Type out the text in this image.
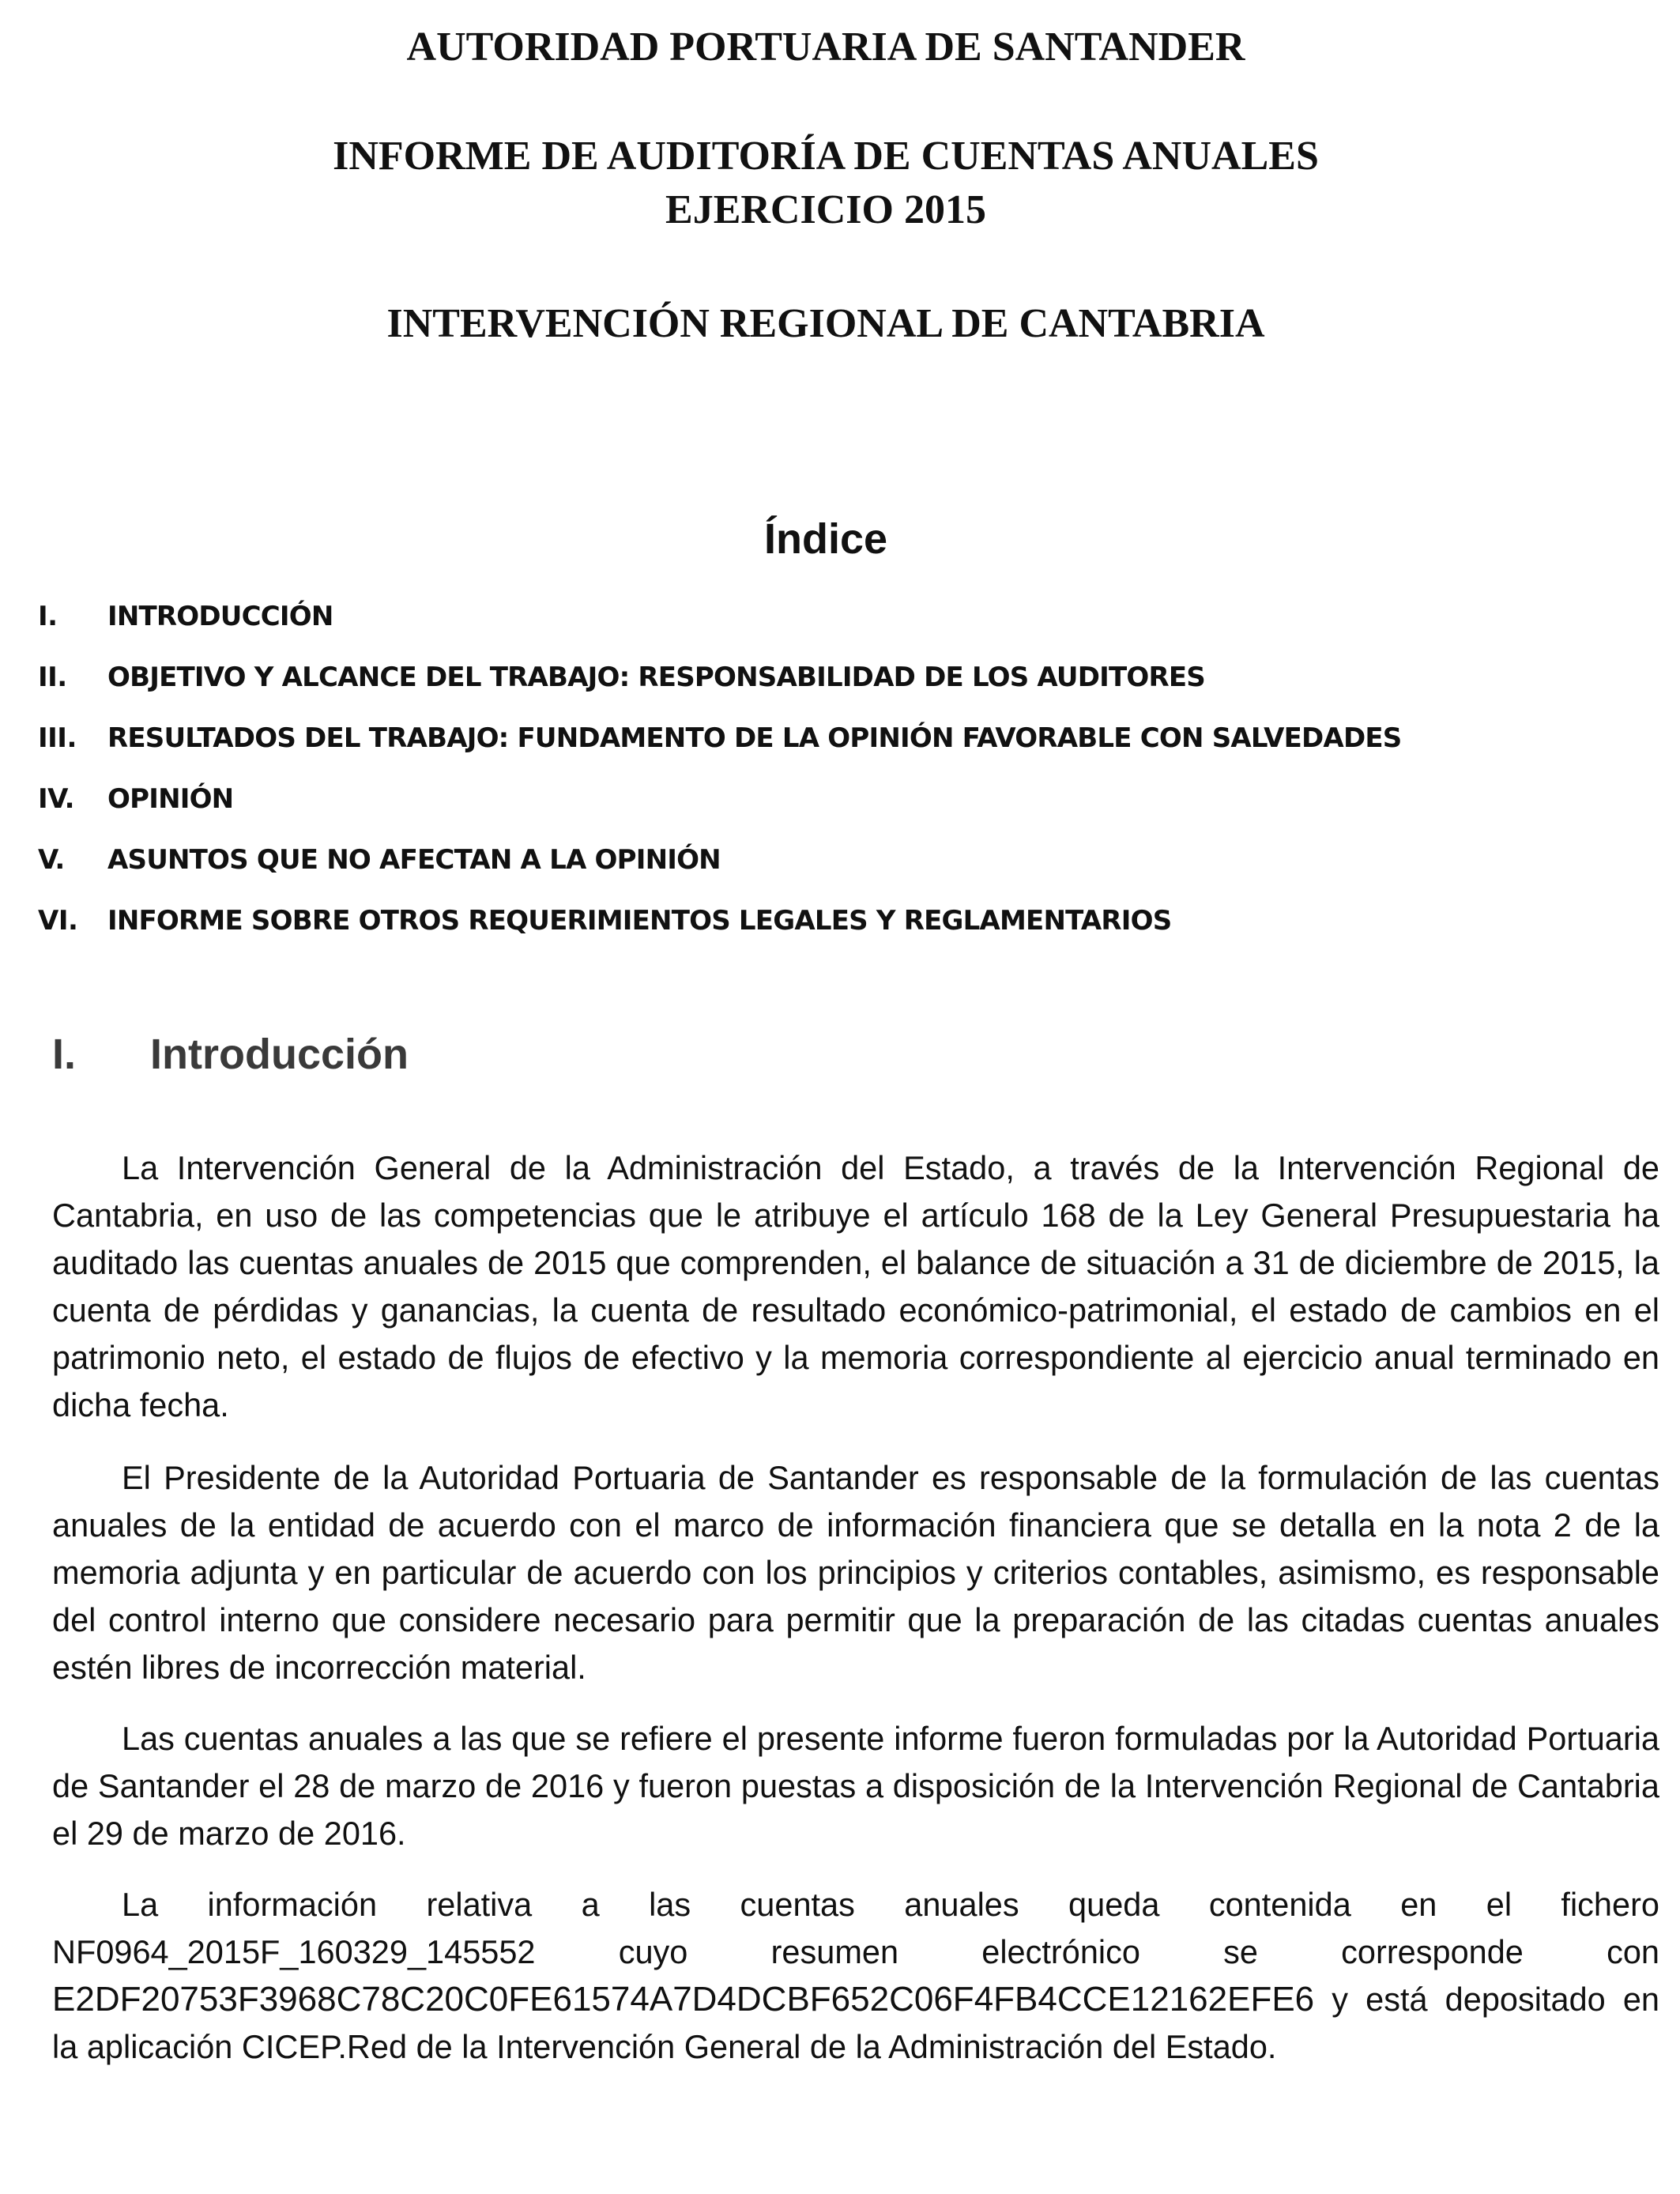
AUTORIDAD PORTUARIA DE SANTANDER
INFORME DE AUDITORÍA DE CUENTAS ANUALES
EJERCICIO 2015
INTERVENCIÓN REGIONAL DE CANTABRIA
Índice
I.	INTRODUCCIÓN
II.	OBJETIVO Y ALCANCE DEL TRABAJO: RESPONSABILIDAD DE LOS AUDITORES
III.	RESULTADOS DEL TRABAJO: FUNDAMENTO DE LA OPINIÓN FAVORABLE CON SALVEDADES
IV.	OPINIÓN
V.	ASUNTOS QUE NO AFECTAN A LA OPINIÓN
VI.	INFORME SOBRE OTROS REQUERIMIENTOS LEGALES Y REGLAMENTARIOS
I.	Introducción

La Intervención General de la Administración del Estado, a través de la Intervención Regional de Cantabria, en uso de las competencias que le atribuye el artículo 168 de la Ley General Presupuestaria ha auditado las cuentas anuales de 2015 que comprenden, el balance de situación a 31 de diciembre de 2015, la cuenta de pérdidas y ganancias, la cuenta de resultado económico-patrimonial, el estado de cambios en el patrimonio neto, el estado de flujos de efectivo y la memoria correspondiente al ejercicio anual terminado en dicha fecha.

El Presidente de la Autoridad Portuaria de Santander es responsable de la formulación de las cuentas anuales de la entidad de acuerdo con el marco de información financiera que se detalla en la nota 2 de la memoria adjunta y en particular de acuerdo con los principios y criterios contables, asimismo, es responsable del control interno que considere necesario para permitir que la preparación de las citadas cuentas anuales estén libres de incorrección material.

Las cuentas anuales a las que se refiere el presente informe fueron formuladas por la Autoridad Portuaria de Santander el 28 de marzo de 2016 y fueron puestas a disposición de la Intervención Regional de Cantabria el 29 de marzo de 2016.

La información relativa a las cuentas anuales queda contenida en el fichero NF0964_2015F_160329_145552 cuyo resumen electrónico se corresponde con E2DF20753F3968C78C20C0FE61574A7D4DCBF652C06F4FB4CCE12162EFE6 y está depositado en la aplicación CICEP.Red de la Intervención General de la Administración del Estado.
